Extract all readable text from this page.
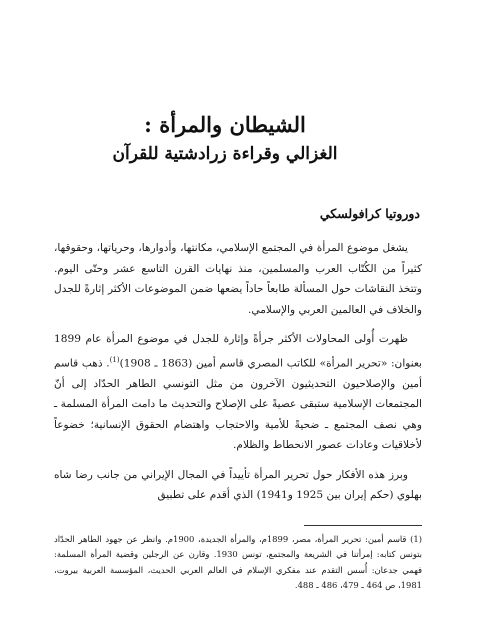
الشيطان والمرأة :
الغزالي وقراءة زرادشتية للقرآن
دوروتيا كرافولسكي

يشغل موضوع المرأة في المجتمع الإسلامي، مكانتها، وأدوارها، وحرياتها، وحقوقها، كثيراً من الكُتّاب العرب والمسلمين، منذ نهايات القرن التاسع عشر وحتّى اليوم. وتتخذ النقاشات حول المسألة طابعاً حاداً يضعها ضمن الموضوعات الأكثر إثارةً للجدل والخلاف في العالمين العربي والإسلامي.

ظهرت أُولى المحاولات الأكثر جرأةً وإثارة للجدل في موضوع المرأة عام 1899 بعنوان: «تحرير المرأة» للكاتب المصري قاسم أمين (1863 ـ 1908)$^{(1)}$. ذهب قاسم أمين والإصلاحيون التحديثيون الآخرون من مثل التونسي الطاهر الحدّاد إلى أنّ المجتمعات الإسلامية ستبقى عصيةً على الإصلاح والتحديث ما دامت المرأة المسلمة ـ وهي نصف المجتمع ـ ضحيةً للأمية والاحتجاب واهتضام الحقوق الإنسانية؛ خضوعاً لأخلاقيات وعادات عصور الانحطاط والظلام.

وبرز هذه الأفكار حول تحرير المرأة تأييداً في المجال الإيراني من جانب رضا شاه بهلوي (حكم إيران بين 1925 و1941) الذي أقدم على تطبيق

(1) قاسم أمين: تحرير المرأة، مصر، 1899م، والمرأة الجديدة، 1900م. وانظر عن جهود الطاهر الحدّاد بتونس كتابه: إمرأتنا في الشريعة والمجتمع، تونس 1930. وقارن عن الرجلين وقضية المرأة المسلمة: فهمي جدعان: أُسس التقدم عند مفكري الإسلام في العالم العربي الحديث، المؤسسة العربية بيروت، 1981، ص 464 ـ 479، 486 ـ 488.
